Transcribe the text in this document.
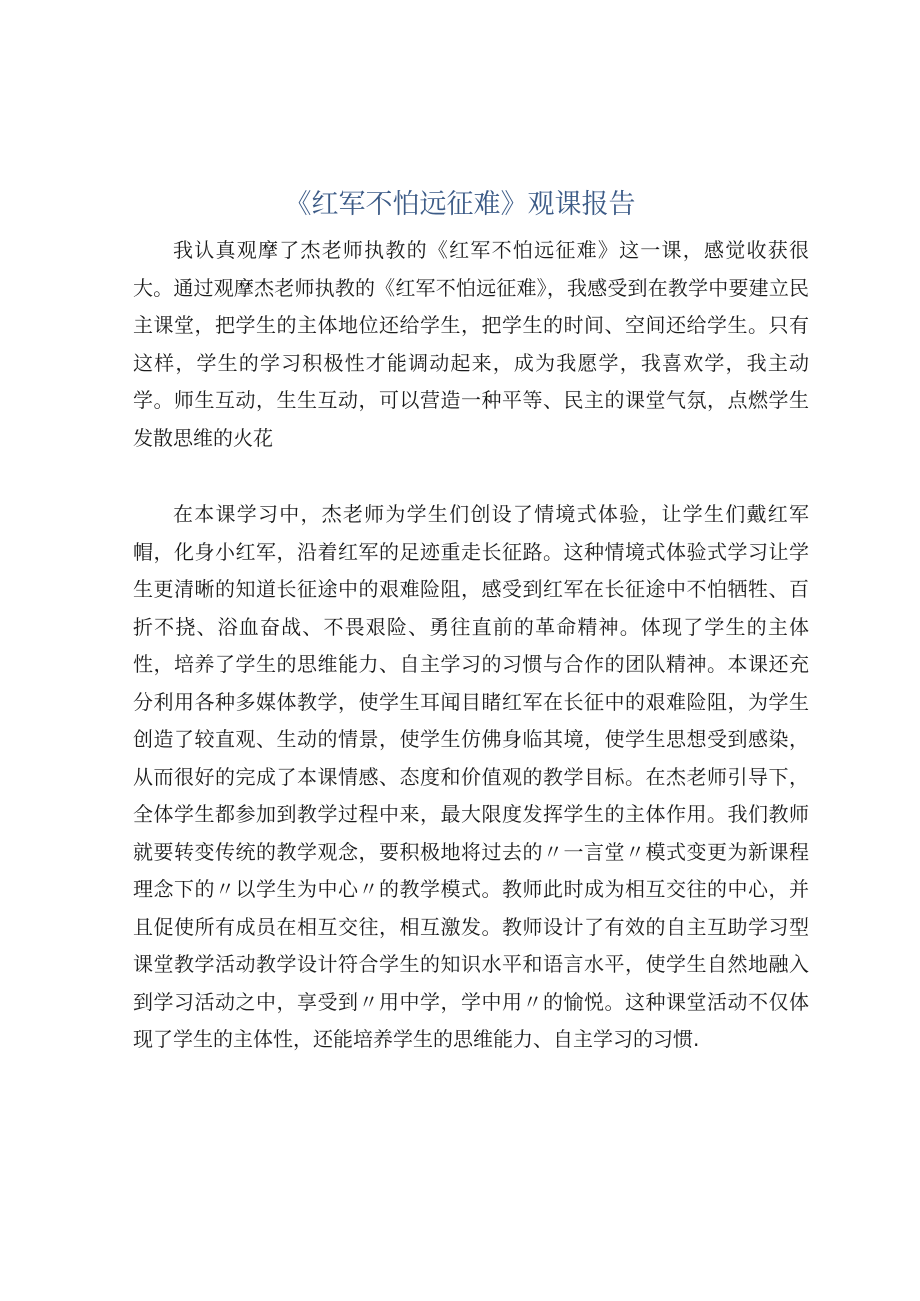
《红军不怕远征难》观课报告

我认真观摩了杰老师执教的《红军不怕远征难》这一课，感觉收获很大。通过观摩杰老师执教的《红军不怕远征难》，我感受到在教学中要建立民主课堂，把学生的主体地位还给学生，把学生的时间、空间还给学生。只有这样，学生的学习积极性才能调动起来，成为我愿学，我喜欢学，我主动学。师生互动，生生互动，可以营造一种平等、民主的课堂气氛，点燃学生发散思维的火花

在本课学习中，杰老师为学生们创设了情境式体验，让学生们戴红军帽，化身小红军，沿着红军的足迹重走长征路。这种情境式体验式学习让学生更清晰的知道长征途中的艰难险阻，感受到红军在长征途中不怕牺牲、百折不挠、浴血奋战、不畏艰险、勇往直前的革命精神。体现了学生的主体性，培养了学生的思维能力、自主学习的习惯与合作的团队精神。本课还充分利用各种多媒体教学，使学生耳闻目睹红军在长征中的艰难险阻，为学生创造了较直观、生动的情景，使学生仿佛身临其境，使学生思想受到感染，从而很好的完成了本课情感、态度和价值观的教学目标。在杰老师引导下，全体学生都参加到教学过程中来，最大限度发挥学生的主体作用。我们教师就要转变传统的教学观念，要积极地将过去的〃一言堂〃模式变更为新课程理念下的〃以学生为中心〃的教学模式。教师此时成为相互交往的中心，并且促使所有成员在相互交往，相互激发。教师设计了有效的自主互助学习型课堂教学活动教学设计符合学生的知识水平和语言水平，使学生自然地融入到学习活动之中，享受到〃用中学，学中用〃的愉悦。这种课堂活动不仅体现了学生的主体性，还能培养学生的思维能力、自主学习的习惯.
